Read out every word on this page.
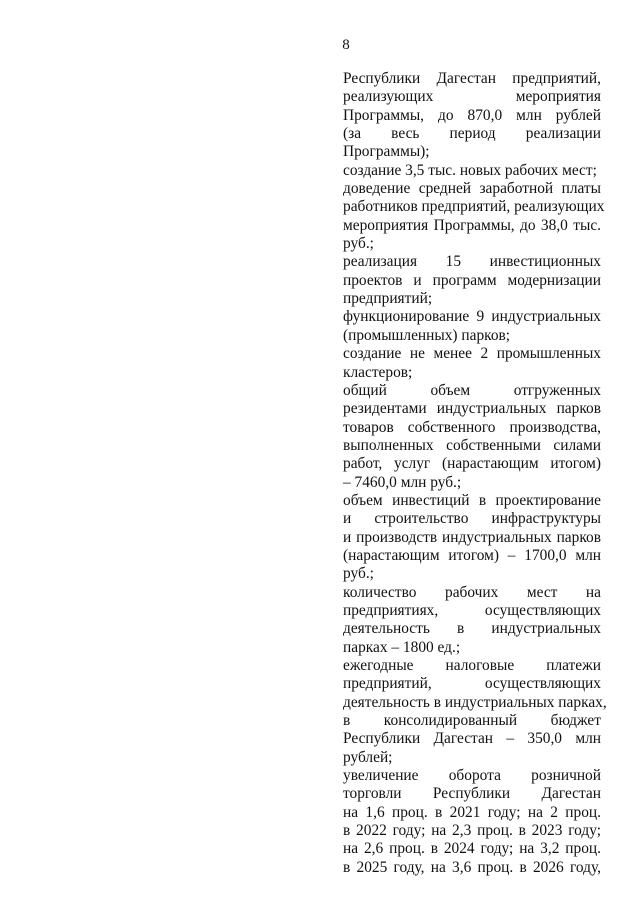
8
Республики Дагестан предприятий,
реализующих мероприятия
Программы, до 870,0 млн рублей
(за весь период реализации
Программы);
создание 3,5 тыс. новых рабочих мест;
доведение средней заработной платы
работников предприятий, реализующих
мероприятия Программы, до 38,0 тыс.
руб.;
реализация 15 инвестиционных
проектов и программ модернизации
предприятий;
функционирование 9 индустриальных
(промышленных) парков;
создание не менее 2 промышленных
кластеров;
общий объем отгруженных
резидентами индустриальных парков
товаров собственного производства,
выполненных собственными силами
работ, услуг (нарастающим итогом)
– 7460,0 млн руб.;
объем инвестиций в проектирование
и строительство инфраструктуры
и производств индустриальных парков
(нарастающим итогом) – 1700,0 млн
руб.;
количество рабочих мест на
предприятиях, осуществляющих
деятельность в индустриальных
парках – 1800 ед.;
ежегодные налоговые платежи
предприятий, осуществляющих
деятельность в индустриальных парках,
в консолидированный бюджет
Республики Дагестан – 350,0 млн
рублей;
увеличение оборота розничной
торговли Республики Дагестан
на 1,6 проц. в 2021 году; на 2 проц.
в 2022 году; на 2,3 проц. в 2023 году;
на 2,6 проц. в 2024 году; на 3,2 проц.
в 2025 году, на 3,6 проц. в 2026 году,
